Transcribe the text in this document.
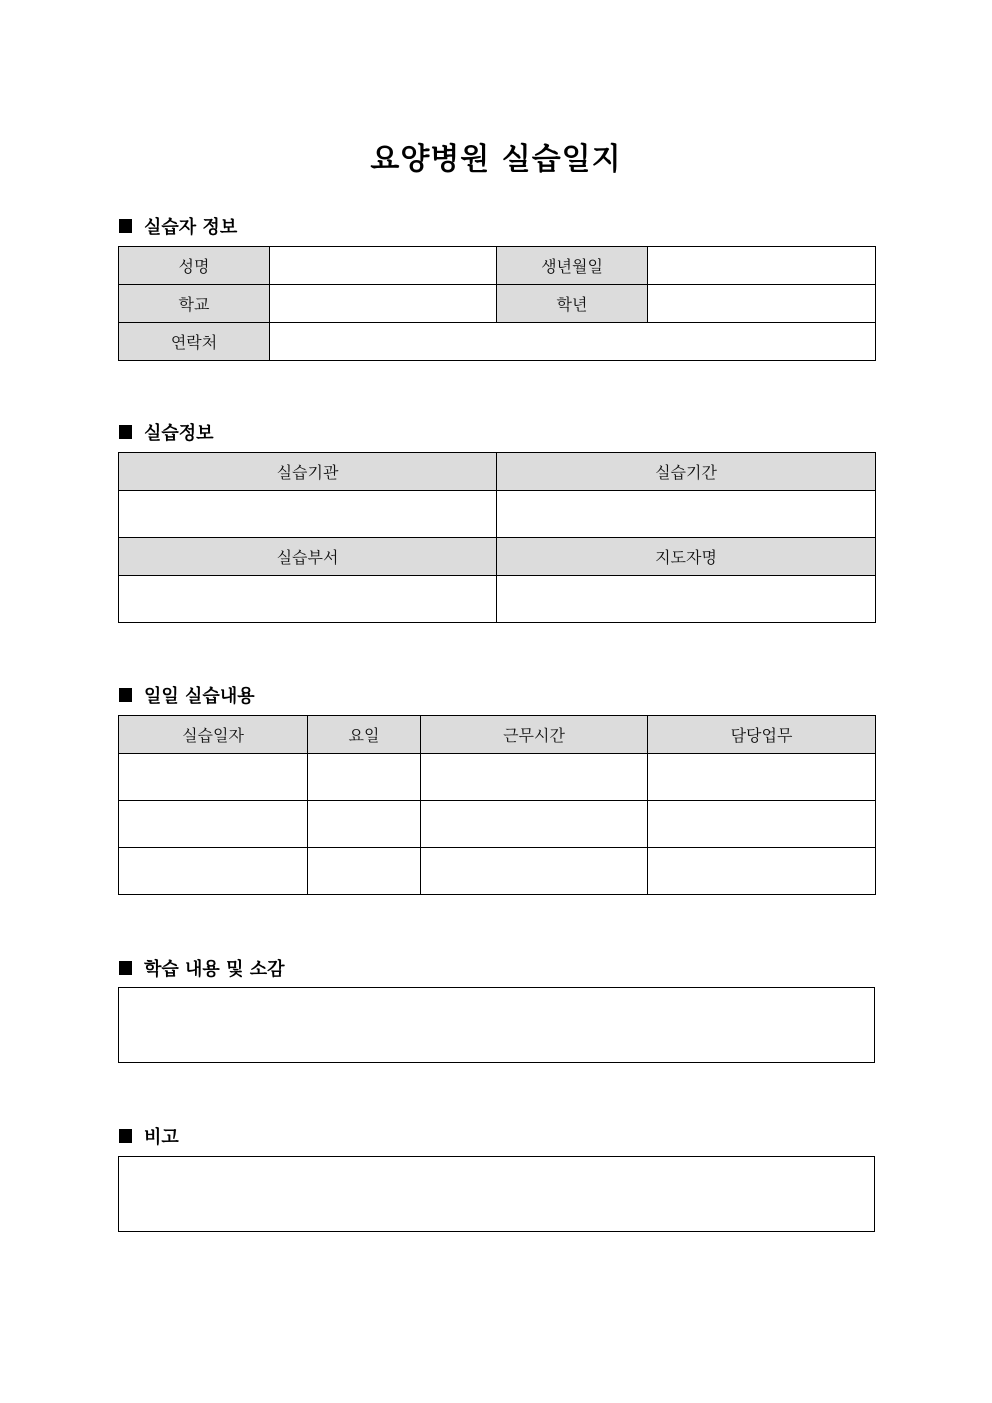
요양병원 실습일지
실습자 정보
성명		생년월일	
학교		학년	
연락처			
실습정보
실습기관	실습기간

실습부서	지도자명

일일 실습내용
실습일자	요일	근무시간	담당업무

학습 내용 및 소감
비고
